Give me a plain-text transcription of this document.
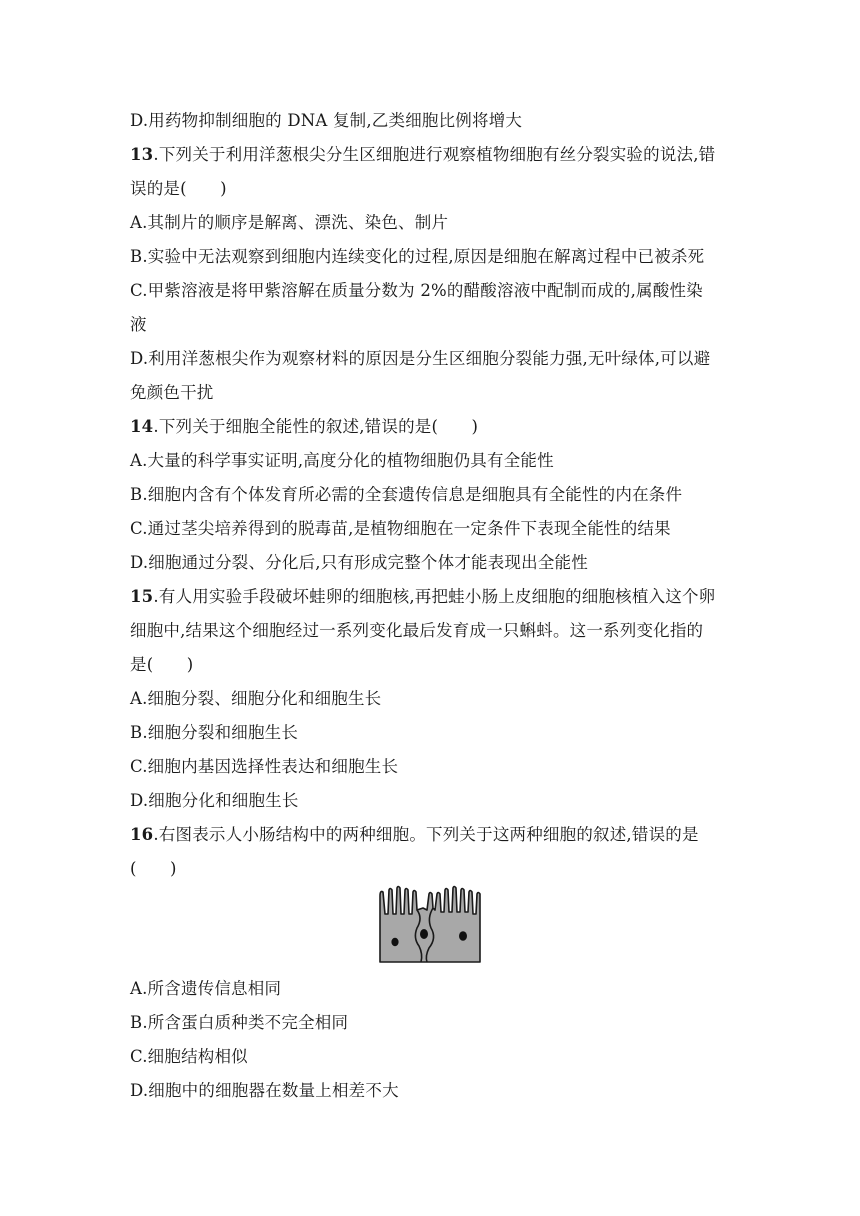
D.用药物抑制细胞的 DNA 复制,乙类细胞比例将增大
13.下列关于利用洋葱根尖分生区细胞进行观察植物细胞有丝分裂实验的说法,错
误的是(　　)
A.其制片的顺序是解离、漂洗、染色、制片
B.实验中无法观察到细胞内连续变化的过程,原因是细胞在解离过程中已被杀死
C.甲紫溶液是将甲紫溶解在质量分数为 2%的醋酸溶液中配制而成的,属酸性染
液
D.利用洋葱根尖作为观察材料的原因是分生区细胞分裂能力强,无叶绿体,可以避
免颜色干扰
14.下列关于细胞全能性的叙述,错误的是(　　)
A.大量的科学事实证明,高度分化的植物细胞仍具有全能性
B.细胞内含有个体发育所必需的全套遗传信息是细胞具有全能性的内在条件
C.通过茎尖培养得到的脱毒苗,是植物细胞在一定条件下表现全能性的结果
D.细胞通过分裂、分化后,只有形成完整个体才能表现出全能性
15.有人用实验手段破坏蛙卵的细胞核,再把蛙小肠上皮细胞的细胞核植入这个卵
细胞中,结果这个细胞经过一系列变化最后发育成一只蝌蚪。这一系列变化指的
是(　　)
A.细胞分裂、细胞分化和细胞生长
B.细胞分裂和细胞生长
C.细胞内基因选择性表达和细胞生长
D.细胞分化和细胞生长
16.右图表示人小肠结构中的两种细胞。下列关于这两种细胞的叙述,错误的是
(　　)
A.所含遗传信息相同
B.所含蛋白质种类不完全相同
C.细胞结构相似
D.细胞中的细胞器在数量上相差不大
